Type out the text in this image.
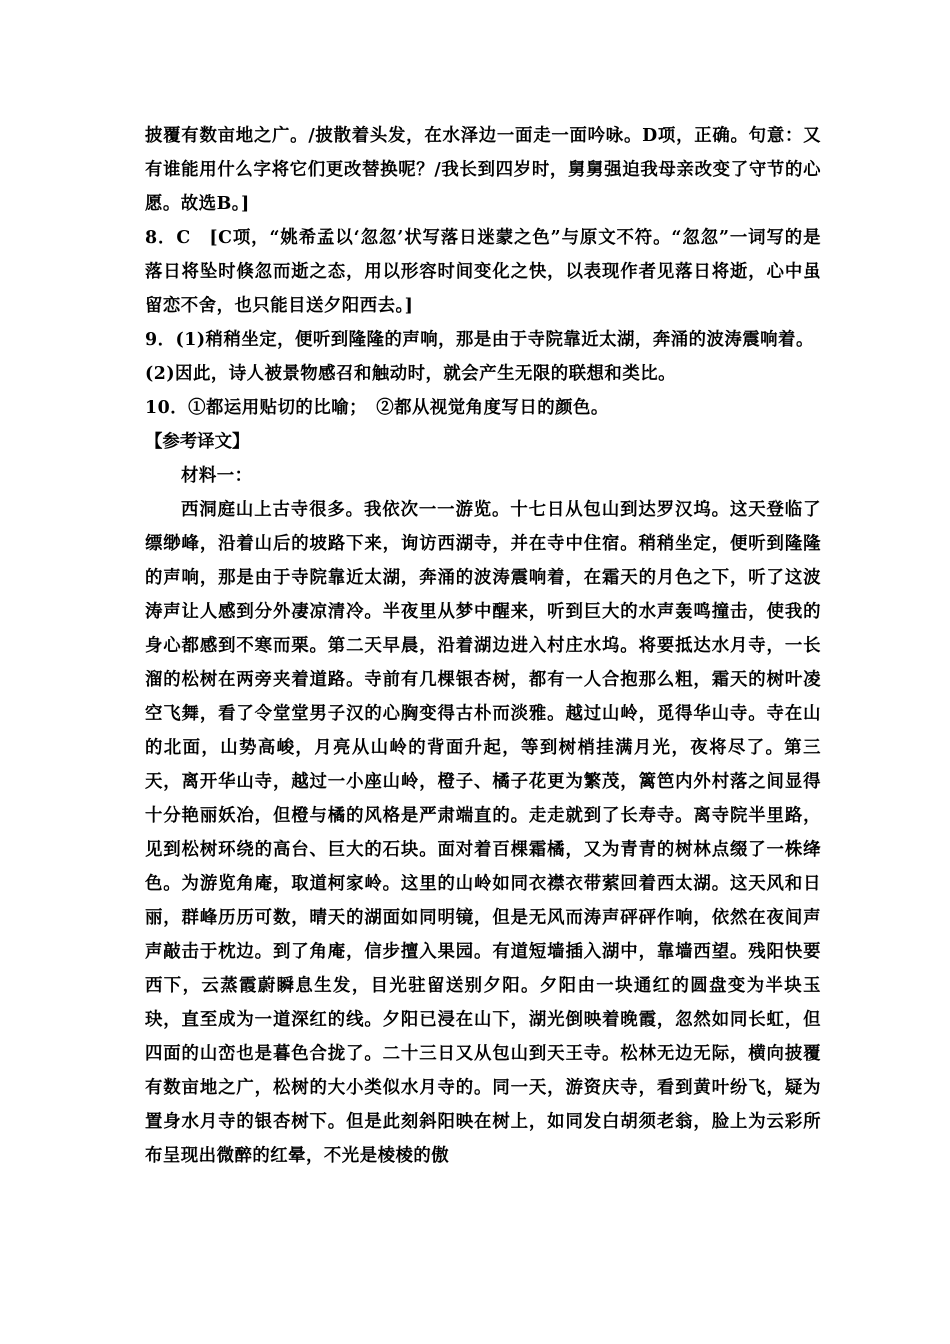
披覆有数亩地之广。/披散着头发，在水泽边一面走一面吟咏。D项，正确。句意：又有谁能用什么字将它们更改替换呢？/我长到四岁时，舅舅强迫我母亲改变了守节的心愿。故选B。]

8．C　[C项，“姚希孟以‘忽忽’状写落日迷蒙之色”与原文不符。“忽忽”一词写的是落日将坠时倏忽而逝之态，用以形容时间变化之快，以表现作者见落日将逝，心中虽留恋不舍，也只能目送夕阳西去。]

9．(1)稍稍坐定，便听到隆隆的声响，那是由于寺院靠近太湖，奔涌的波涛震响着。

(2)因此，诗人被景物感召和触动时，就会产生无限的联想和类比。

10．①都运用贴切的比喻；　②都从视觉角度写日的颜色。

【参考译文】

材料一：

西洞庭山上古寺很多。我依次一一游览。十七日从包山到达罗汉坞。这天登临了缥缈峰，沿着山后的坡路下来，询访西湖寺，并在寺中住宿。稍稍坐定，便听到隆隆的声响，那是由于寺院靠近太湖，奔涌的波涛震响着，在霜天的月色之下，听了这波涛声让人感到分外凄凉清冷。半夜里从梦中醒来，听到巨大的水声轰鸣撞击，使我的身心都感到不寒而栗。第二天早晨，沿着湖边进入村庄水坞。将要抵达水月寺，一长溜的松树在两旁夹着道路。寺前有几棵银杏树，都有一人合抱那么粗，霜天的树叶凌空飞舞，看了令堂堂男子汉的心胸变得古朴而淡雅。越过山岭，觅得华山寺。寺在山的北面，山势高峻，月亮从山岭的背面升起，等到树梢挂满月光，夜将尽了。第三天，离开华山寺，越过一小座山岭，橙子、橘子花更为繁茂，篱笆内外村落之间显得十分艳丽妖冶，但橙与橘的风格是严肃端直的。走走就到了长寿寺。离寺院半里路，见到松树环绕的高台、巨大的石块。面对着百棵霜橘，又为青青的树林点缀了一株绛色。为游览角庵，取道柯家岭。这里的山岭如同衣襟衣带萦回着西太湖。这天风和日丽，群峰历历可数，晴天的湖面如同明镜，但是无风而涛声砰砰作响，依然在夜间声声敲击于枕边。到了角庵，信步擅入果园。有道短墙插入湖中，靠墙西望。残阳快要西下，云蒸霞蔚瞬息生发，目光驻留送别夕阳。夕阳由一块通红的圆盘变为半块玉玦，直至成为一道深红的线。夕阳已浸在山下，湖光倒映着晚霞，忽然如同长虹，但四面的山峦也是暮色合拢了。二十三日又从包山到天王寺。松林无边无际，横向披覆有数亩地之广，松树的大小类似水月寺的。同一天，游资庆寺，看到黄叶纷飞，疑为置身水月寺的银杏树下。但是此刻斜阳映在树上，如同发白胡须老翁，脸上为云彩所布呈现出微醉的红晕，不光是棱棱的傲
